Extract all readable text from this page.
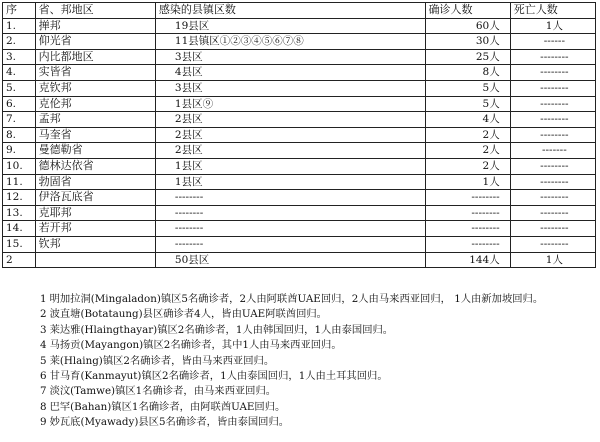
序	省、邦地区	感染的县镇区数	确诊人数	死亡人数

1.	掸邦	19县区	60人	1人

2.	仰光省	11县镇区①②③④⑤⑥⑦⑧	30人	------

3.	内比都地区	3县区	25人	--------

4.	实皆省	4县区	8人	--------

5.	克钦邦	3县区	5人	--------

6.	克伦邦	1县区⑨	5人	--------

7.	孟邦	2县区	4人	--------

8.	马奎省	2县区	2人	--------

9.	曼德勒省	2县区	2人	-------

10.	德林达依省	1县区	2人	--------

11.	勃固省	1县区	1人	--------

12.	伊洛瓦底省	--------	--------	--------

13.	克耶邦	--------	--------	--------

14.	若开邦	--------	--------	--------

15.	钦邦	--------	--------	--------

2		50县区	144人	1人
1 明加拉洞(Mingaladon)镇区5名确诊者，2人由阿联酋UAE回归，2人由马来西亚回归， 1人由新加坡回归。
2 波直塘(Botataung)县区确诊者4人，皆由UAE阿联酋回归。
3 莱达雅(Hlaingthayar)镇区2名确诊者，1人由韩国回归，1人由泰国回归。
4 马扬贡(Mayangon)镇区2名确诊者，其中1人由马来西亚回归。
5 莱(Hlaing)镇区2名确诊者，皆由马来西亚回归。
6 甘马育(Kanmayut)镇区2名确诊者，1人由泰国回归，1人由土耳其回归。
7 淡汶(Tamwe)镇区1名确诊者，由马来西亚回归。
8 巴罕(Bahan)镇区1名确诊者，由阿联酋UAE回归。
9 妙瓦底(Myawady)县区5名确诊者，皆由泰国回归。
